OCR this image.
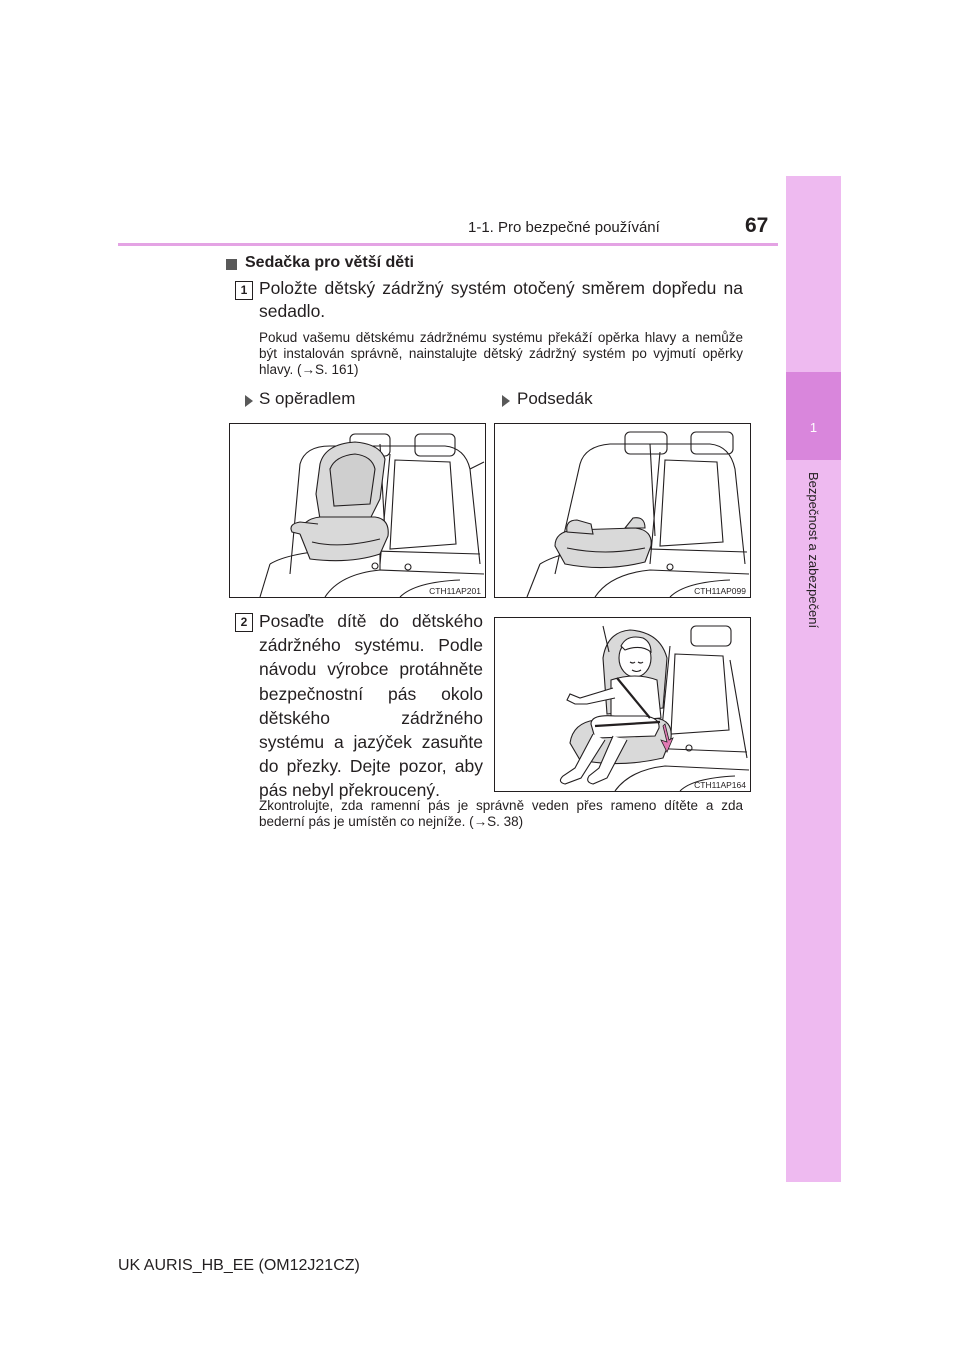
1-1. Pro bezpečné používání	67
1
Sedačka pro větší děti
1 Položte dětský zádržný systém otočený směrem dopředu na sedadlo.
Pokud vašemu dětskému zádržnému systému překáží opěrka hlavy a nemůže být instalován správně, nainstalujte dětský zádržný systém po vyjmutí opěrky hlavy. (→S. 161)
S opěradlem	Podsedák
CTH11AP201	CTH11AP099
2 Posaďte dítě do dětského zádržného systému. Podle návodu výrobce protáhněte bezpečnostní pás okolo dětského zádržného systému a jazýček zasuňte do přezky. Dejte pozor, aby pás nebyl překroucený.	CTH11AP164
Zkontrolujte, zda ramenní pás je správně veden přes rameno dítěte a zda bederní pás je umístěn co nejníže. (→S. 38)
UK AURIS_HB_EE (OM12J21CZ)
